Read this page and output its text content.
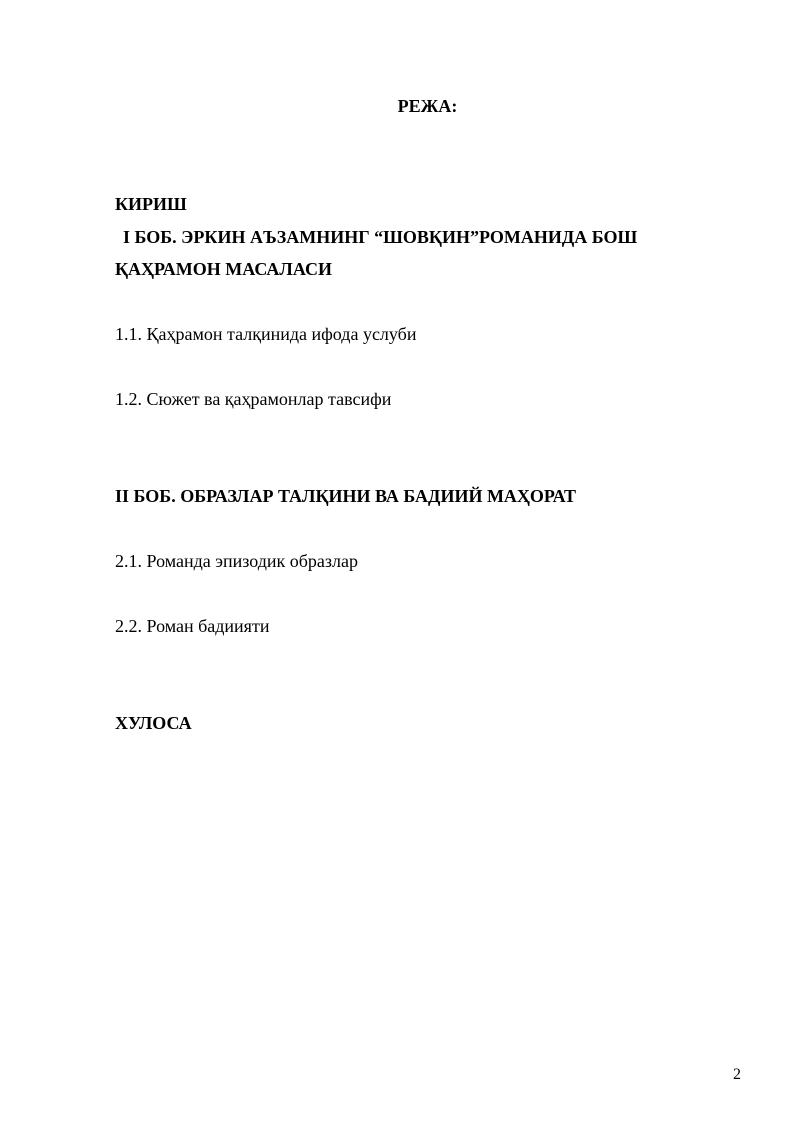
РЕЖА:
КИРИШ
I БОБ. ЭРКИН АЪЗАМНИНГ “ШОВҚИН”РОМАНИДА БОШ
ҚАҲРАМОН МАСАЛАСИ
1.1. Қаҳрамон талқинида ифода услуби
1.2. Сюжет ва қаҳрамонлар тавсифи
II БОБ. ОБРАЗЛАР ТАЛҚИНИ ВА БАДИИЙ МАҲОРАТ
2.1. Романда эпизодик образлар
2.2. Роман бадиияти
ХУЛОСА
2
